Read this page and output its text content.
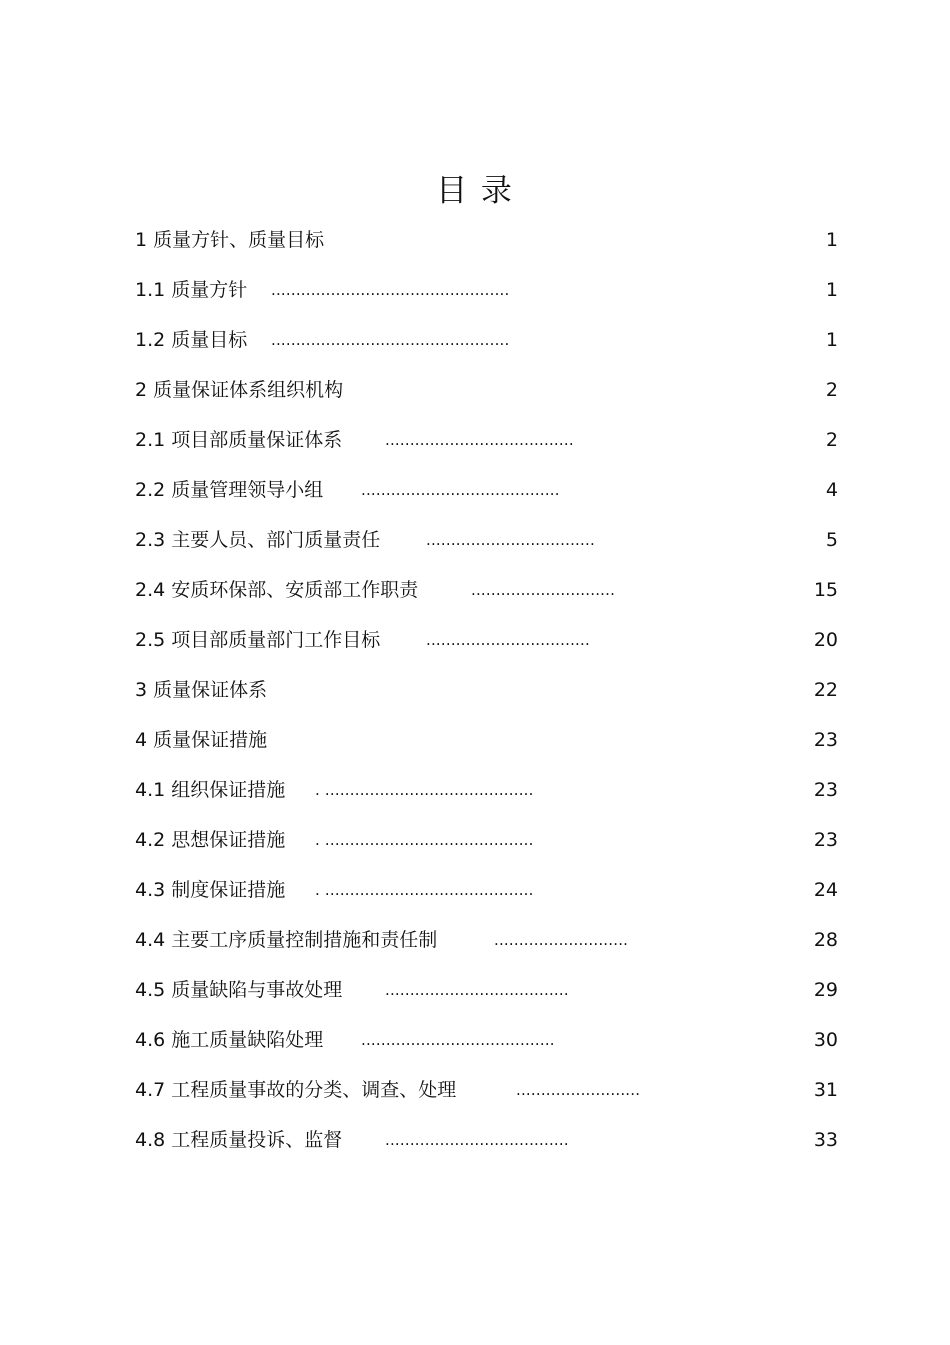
目 录
1 质量方针、质量目标	1
1.1 质量方针 ................................................	1
1.2 质量目标 ................................................	1
2 质量保证体系组织机构	2
2.1 项目部质量保证体系	......................................	2
2.2 质量管理领导小组	........................................	4
2.3 主要人员、部门质量责任	..................................	5
2.4 安质环保部、安质部工作职责	.............................	15
2.5 项目部质量部门工作目标	.................................	20
3 质量保证体系	22
4 质量保证措施	23
4.1 组织保证措施 . ..........................................	23
4.2 思想保证措施 . ..........................................	23
4.3 制度保证措施 . ..........................................	24
4.4 主要工序质量控制措施和责任制	...........................	28
4.5 质量缺陷与事故处理	.....................................	29
4.6 施工质量缺陷处理	.......................................	30
4.7 工程质量事故的分类、调查、处理	.........................	31
4.8 工程质量投诉、监督	.....................................	33
